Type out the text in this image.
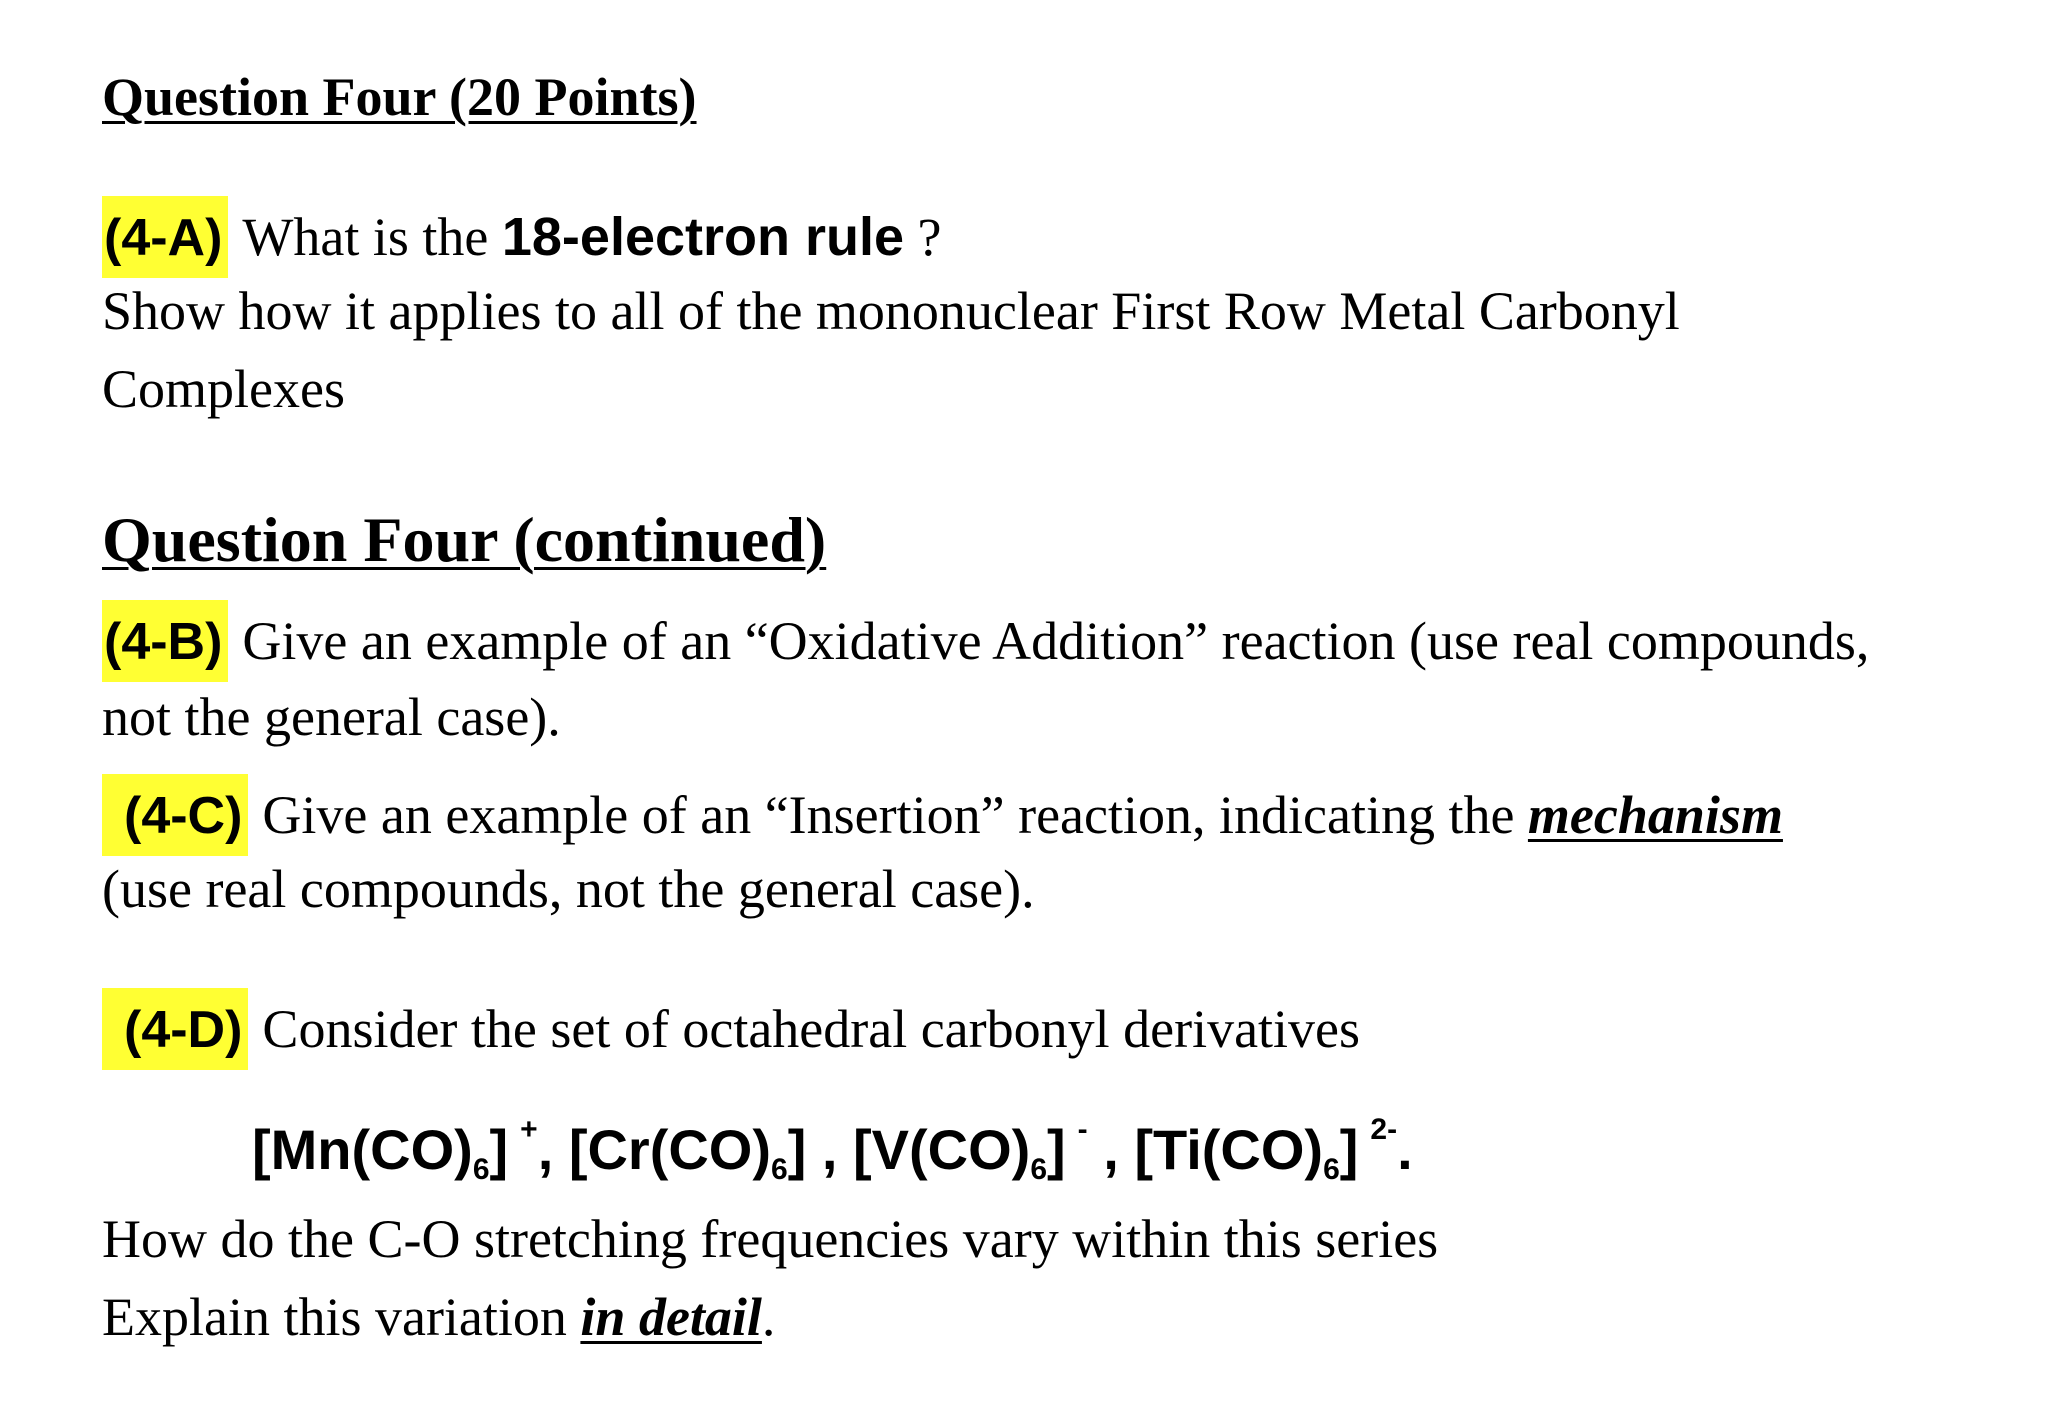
Question Four (20 Points)
(4-A) What is the 18-electron rule ?
Show how it applies to all of the mononuclear First Row Metal Carbonyl
Complexes
Question Four (continued)
(4-B) Give an example of an “Oxidative Addition” reaction (use real compounds,
not the general case).
(4-C) Give an example of an “Insertion” reaction, indicating the mechanism
(use real compounds, not the general case).
(4-D) Consider the set of octahedral carbonyl derivatives
$[Mn(CO)_6]$ +, $[Cr(CO)_6]$ , $[V(CO)_6]$ - , $[Ti(CO)_6]$ $^{2-}$.
How do the C-O stretching frequencies vary within this series
Explain this variation in detail.
